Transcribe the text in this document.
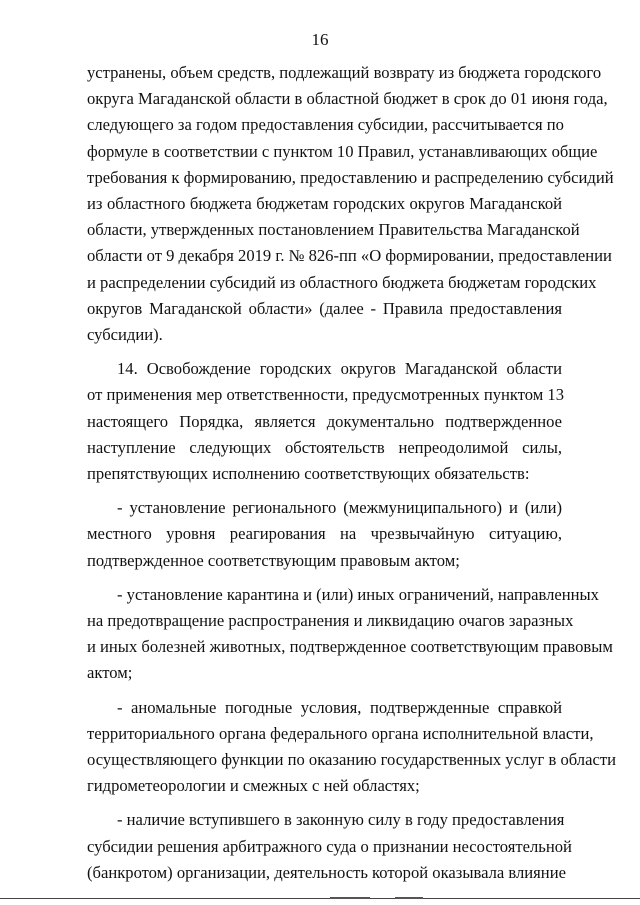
16
устранены, объем средств, подлежащий возврату из бюджета городского
округа Магаданской области в областной бюджет в срок до 01 июня года,
следующего за годом предоставления субсидии, рассчитывается по
формуле в соответствии с пунктом 10 Правил, устанавливающих общие
требования к формированию, предоставлению и распределению субсидий
из областного бюджета бюджетам городских округов Магаданской
области, утвержденных постановлением Правительства Магаданской
области от 9 декабря 2019 г. № 826-пп «О формировании, предоставлении
и распределении субсидий из областного бюджета бюджетам городских
округов Магаданской области» (далее - Правила предоставления
субсидии).
14. Освобождение городских округов Магаданской области
от применения мер ответственности, предусмотренных пунктом 13
настоящего Порядка, является документально подтвержденное
наступление следующих обстоятельств непреодолимой силы,
препятствующих исполнению соответствующих обязательств:
- установление регионального (межмуниципального) и (или)
местного уровня реагирования на чрезвычайную ситуацию,
подтвержденное соответствующим правовым актом;
- установление карантина и (или) иных ограничений, направленных
на предотвращение распространения и ликвидацию очагов заразных
и иных болезней животных, подтвержденное соответствующим правовым
актом;
- аномальные погодные условия, подтвержденные справкой
территориального органа федерального органа исполнительной власти,
осуществляющего функции по оказанию государственных услуг в области
гидрометеорологии и смежных с ней областях;
- наличие вступившего в законную силу в году предоставления
субсидии решения арбитражного суда о признании несостоятельной
(банкротом) организации, деятельность которой оказывала влияние
